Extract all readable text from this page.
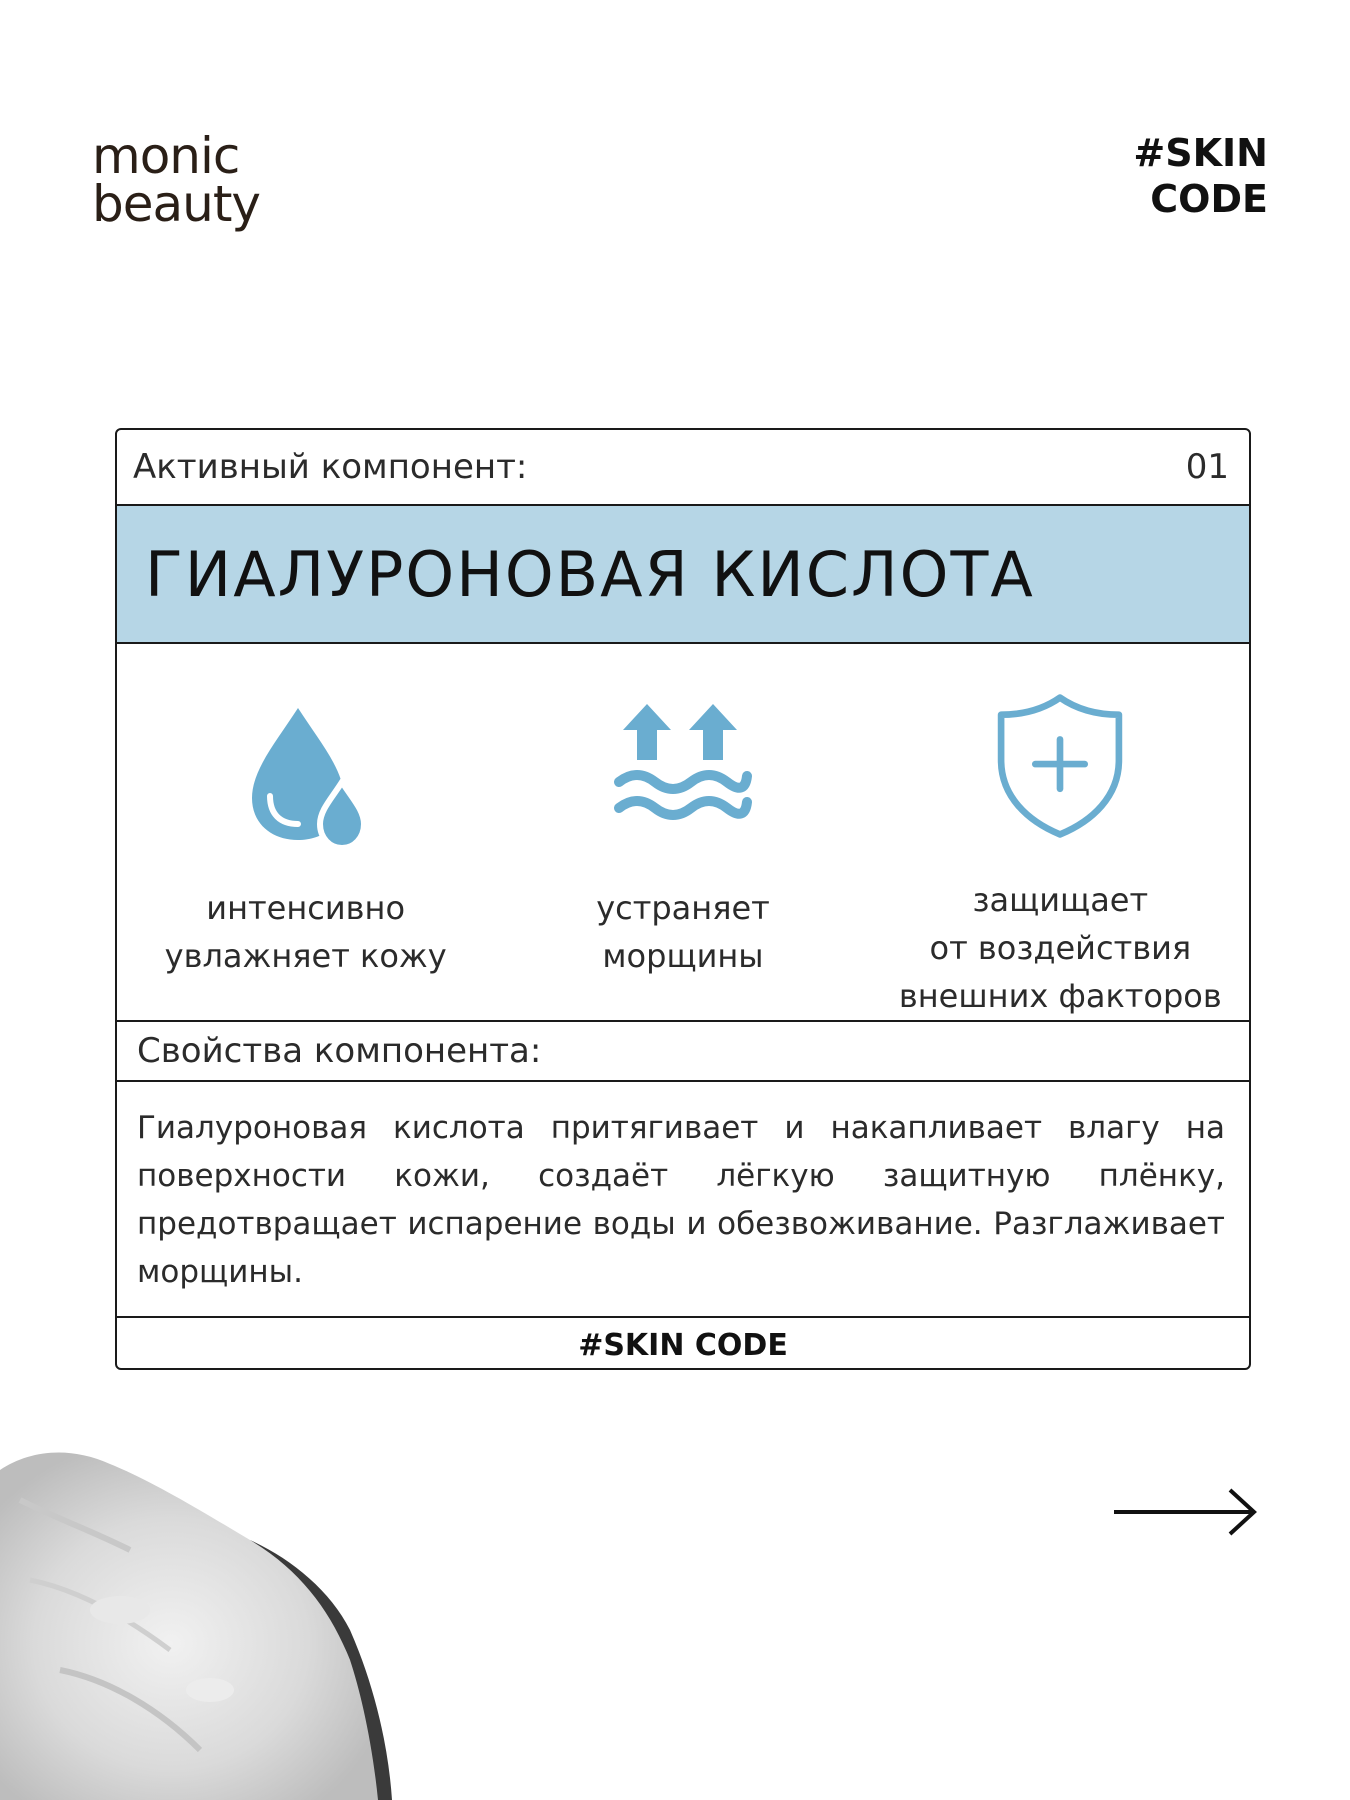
monic
beauty
#SKIN
CODE
Активный компонент:	01
ГИАЛУРОНОВАЯ КИСЛОТА
интенсивно
увлажняет кожу
устраняет
морщины
защищает
от воздействия
внешних факторов
Свойства компонента:
Гиалуроновая кислота притягивает и накапливает влагу на поверхности кожи, создаёт лёгкую защитную плёнку, предотвращает испарение воды и обезвоживание. Разглаживает морщины.
#SKIN CODE
